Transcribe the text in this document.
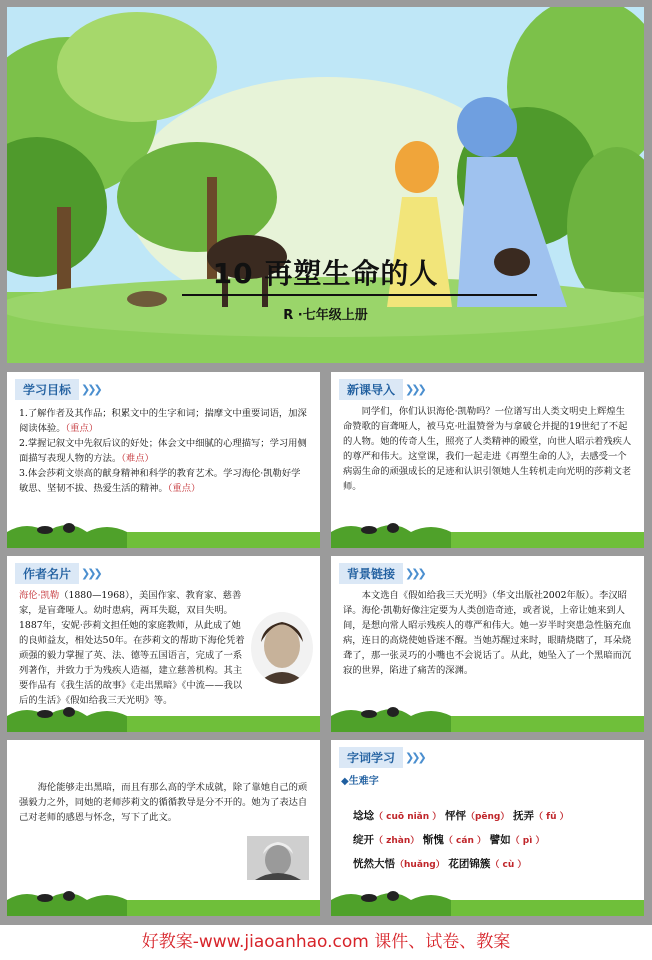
10 再塑生命的人
R ·七年级上册
学习目标 ❯❯❯

1.了解作者及其作品；积累文中的生字和词；揣摩文中重要词语，加深阅读体验。（重点）

2.掌握记叙文中先叙后议的好处；体会文中细腻的心理描写；学习用侧面描写表现人物的方法。（难点）

3.体会莎莉文崇高的献身精神和科学的教育艺术。学习海伦·凯勒好学敏思、坚韧不拔、热爱生活的精神。（重点）

新课导入 ❯❯❯
同学们，你们认识海伦·凯勒吗？一位谱写出人类文明史上辉煌生命赞歌的盲聋哑人，被马克·吐温赞誉为与拿破仑并提的19世纪了不起的人物。她的传奇人生，照亮了人类精神的殿堂，向世人昭示着残疾人的尊严和伟大。这堂课，我们一起走进《再塑生命的人》，去感受一个病弱生命的顽强成长的足迹和认识引领她人生转机走向光明的莎莉文老师。
作者名片 ❯❯❯
海伦·凯勒（1880—1968），美国作家、教育家、慈善家，是盲聋哑人。幼时患病，两耳失聪，双目失明。1887年，安妮·莎莉文担任她的家庭教师，从此成了她的良师益友，相处达50年。在莎莉文的帮助下海伦凭着顽强的毅力掌握了英、法、德等五国语言，完成了一系列著作，并致力于为残疾人造福，建立慈善机构。其主要作品有《我生活的故事》《走出黑暗》《中流——我以后的生活》《假如给我三天光明》等。
背景链接 ❯❯❯
本文选自《假如给我三天光明》（华文出版社2002年版）。李汉昭译。海伦·凯勒好像注定要为人类创造奇迹，或者说，上帝让她来到人间，是想向常人昭示残疾人的尊严和伟大。她一岁半时突患急性脑充血病，连日的高烧使她昏迷不醒。当她苏醒过来时，眼睛烧瞎了，耳朵烧聋了，那一张灵巧的小嘴也不会说话了。从此，她坠入了一个黑暗而沉寂的世界，陷进了痛苦的深渊。
海伦能够走出黑暗，而且有那么高的学术成就，除了靠她自己的顽强毅力之外，同她的老师莎莉文的循循教导是分不开的。她为了表达自己对老师的感恩与怀念，写下了此文。
字词学习 ❯❯❯
◆生难字
埝埝（ cuō niǎn ） 怦怦（pēng） 抚弄（ fǔ ）
绽开（ zhàn） 惭愧（ cán ） 譬如（ pì ）
恍然大悟（huǎng） 花团锦簇（ cù ）
好教案-www.jiaoanhao.com 课件、试卷、教案
